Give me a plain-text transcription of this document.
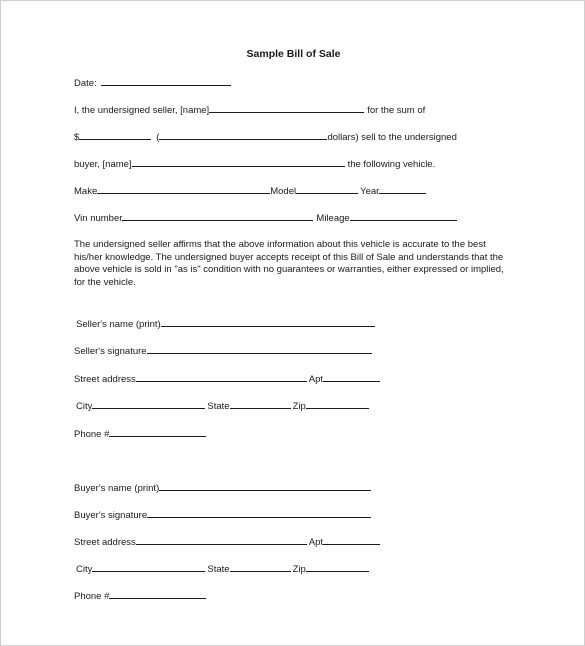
Sample Bill of Sale
Date:
I, the undersigned seller, [name]	for the sum of
$	(	dollars) sell to the undersigned
buyer, [name]	the following vehicle.
Make	Model	Year
Vin number	Mileage
The undersigned seller affirms that the above information about this vehicle is accurate to the best
his/her knowledge. The undersigned buyer accepts receipt of this Bill of Sale and understands that the
above vehicle is sold in "as is" condition with no guarantees or warranties, either expressed or implied,
for the vehicle.
Seller's name (print)
Seller's signature
Street address	Apt
City	State	Zip
Phone #
Buyer's name (print)
Buyer's signature
Street address	Apt
City	State	Zip
Phone #
